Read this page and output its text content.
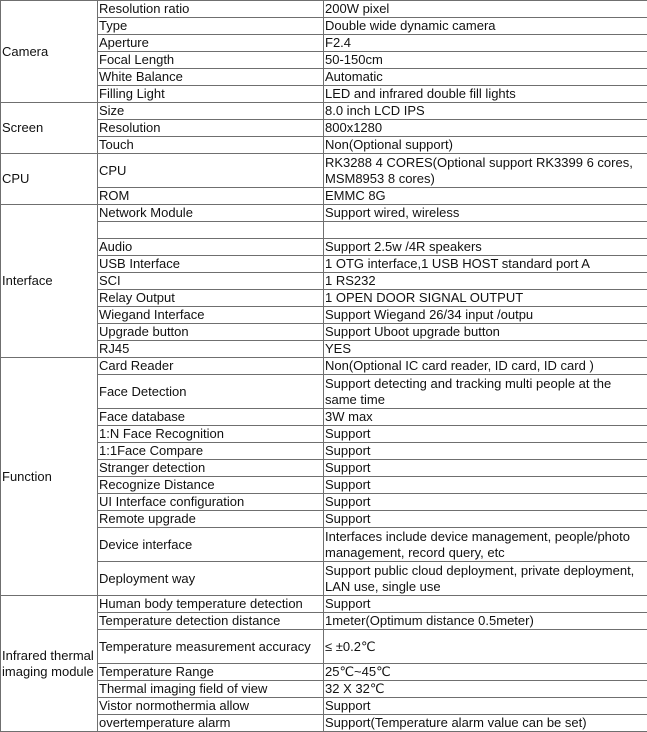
Camera	Resolution ratio	200W pixel
	Type	Double wide dynamic camera
	Aperture	F2.4
	Focal Length	50-150cm
	White Balance	Automatic
	Filling Light	LED and infrared double fill lights
Screen	Size	8.0 inch LCD IPS
	Resolution	800x1280
	Touch	Non(Optional support)
CPU	CPU	RK3288 4 CORES(Optional support RK3399 6 cores, MSM8953 8 cores)
	ROM	EMMC 8G
Interface	Network Module	Support wired, wireless

	Audio	Support 2.5w /4R speakers
	USB Interface	1 OTG interface,1 USB HOST standard port A
	SCI	1 RS232
	Relay Output	1 OPEN DOOR SIGNAL OUTPUT
	Wiegand Interface	Support Wiegand 26/34 input /outpu
	Upgrade button	Support Uboot upgrade button
	RJ45	YES
Function	Card Reader	Non(Optional IC card reader, ID card, ID card )
	Face Detection	Support detecting and tracking multi people at the same time
	Face database	3W max
	1:N Face Recognition	Support
	1:1Face Compare	Support
	Stranger detection	Support
	Recognize Distance	Support
	UI Interface configuration	Support
	Remote upgrade	Support
	Device interface	Interfaces include device management, people/photo management, record query, etc
	Deployment way	Support public cloud deployment, private deployment, LAN use, single use
Infrared thermal imaging module	Human body temperature detection	Support
	Temperature detection distance	1meter(Optimum distance 0.5meter)
	Temperature measurement accuracy	≤ ±0.2℃
	Temperature Range	25℃~45℃
	Thermal imaging field of view	32 X 32℃
	Vistor normothermia allow	Support
	overtemperature alarm	Support(Temperature alarm value can be set)
